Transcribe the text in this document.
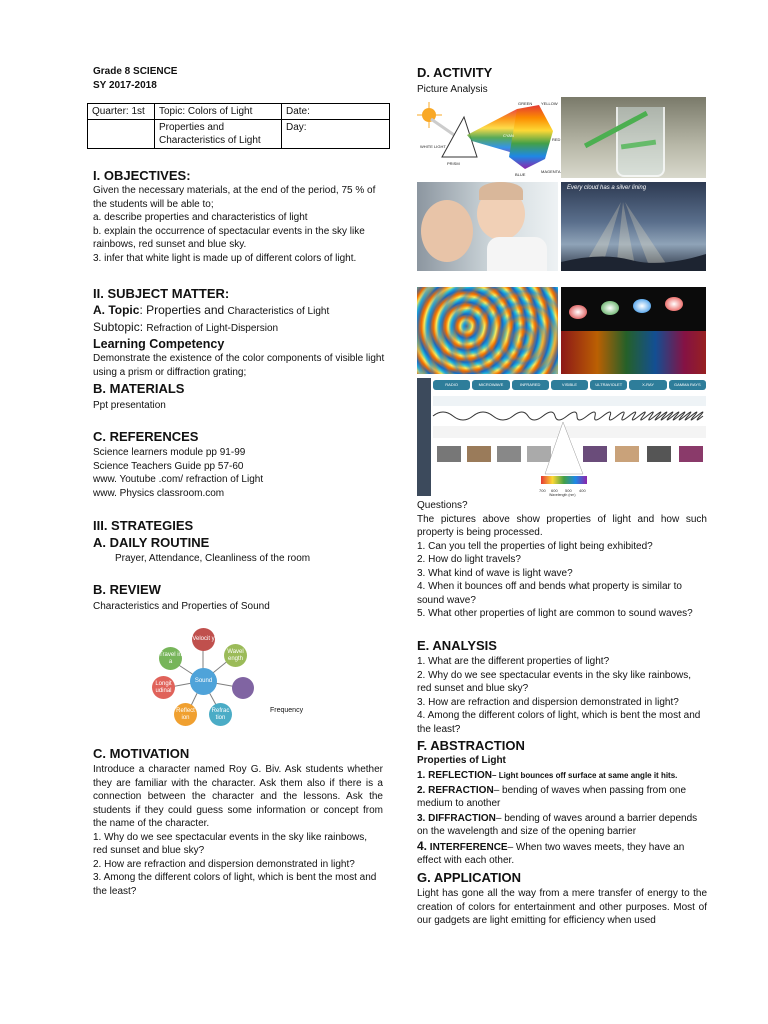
Grade 8 SCIENCE
SY 2017-2018
Quarter: 1st	Topic: Colors of Light	Date:
	Properties and Characteristics of Light	Day:
I. OBJECTIVES:
Given the necessary materials, at the end of the period, 75 % of the students will be able to;
a. describe properties and characteristics of light
b. explain the occurrence of spectacular events in the sky like rainbows, red sunset and blue sky.
3. infer that white light is made up of different colors of light.
II. SUBJECT MATTER:
A. Topic: Properties and Characteristics of Light
Subtopic: Refraction of Light-Dispersion
Learning Competency
Demonstrate the existence of the color components of visible light using a prism or diffraction grating;
B. MATERIALS
Ppt presentation
C. REFERENCES
Science learners module pp 91-99
Science Teachers Guide pp 57-60
www. Youtube .com/ refraction of Light
www. Physics classroom.com
III. STRATEGIES
A. DAILY ROUTINE
Prayer, Attendance, Cleanliness of the room
B. REVIEW
Characteristics and Properties of Sound
Velocit y
Wavel ength
Travel in a
Longit udinal
Reflect ion
Refrac tion
Sound
Frequency
C. MOTIVATION
Introduce a character named Roy G. Biv. Ask students whether they are familiar with the character. Ask them also if there is a connection between the character and the lessons. Ask the students if they could guess some information or concept from the name of the character.
1. Why do we see spectacular events in the sky like rainbows, red sunset and blue sky?
2. How are refraction and dispersion demonstrated in light?
3. Among the different colors of light, which is bent the most and the least?
D. ACTIVITY
Picture Analysis
GREEN YELLOW
WHITE LIGHT
PRISM
RED
BLUE
MAGENTA
CYAN
Every cloud has a silver lining
RADIO	MICROWAVE	INFRARED	VISIBLE	ULTRAVIOLET	X-RAY	GAMMA RAYS
700 600 500 400
Wavelength (nm)
Questions?
The pictures above show properties of light and how such property is being processed.
1. Can you tell the properties of light being exhibited?
2. How do light travels?
3. What kind of wave is light wave?
4. When it bounces off and bends what property is similar to sound wave?
5. What other properties of light are common to sound waves?
E. ANALYSIS
1. What are the different properties of light?
2. Why do we see spectacular events in the sky like rainbows, red sunset and blue sky?
3. How are refraction and dispersion demonstrated in light?
4. Among the different colors of light, which is bent the most and the least?
F. ABSTRACTION
Properties of Light
1. REFLECTION– Light bounces off surface at same angle it hits.
2. REFRACTION– bending of waves when passing from one medium to another
3. DIFFRACTION– bending of waves around a barrier depends on the wavelength and size of the opening barrier
4. INTERFERENCE– When two waves meets, they have an effect with each other.
G. APPLICATION
Light has gone all the way from a mere transfer of energy to the creation of colors for entertainment and other purposes. Most of our gadgets are light emitting for efficiency when used
